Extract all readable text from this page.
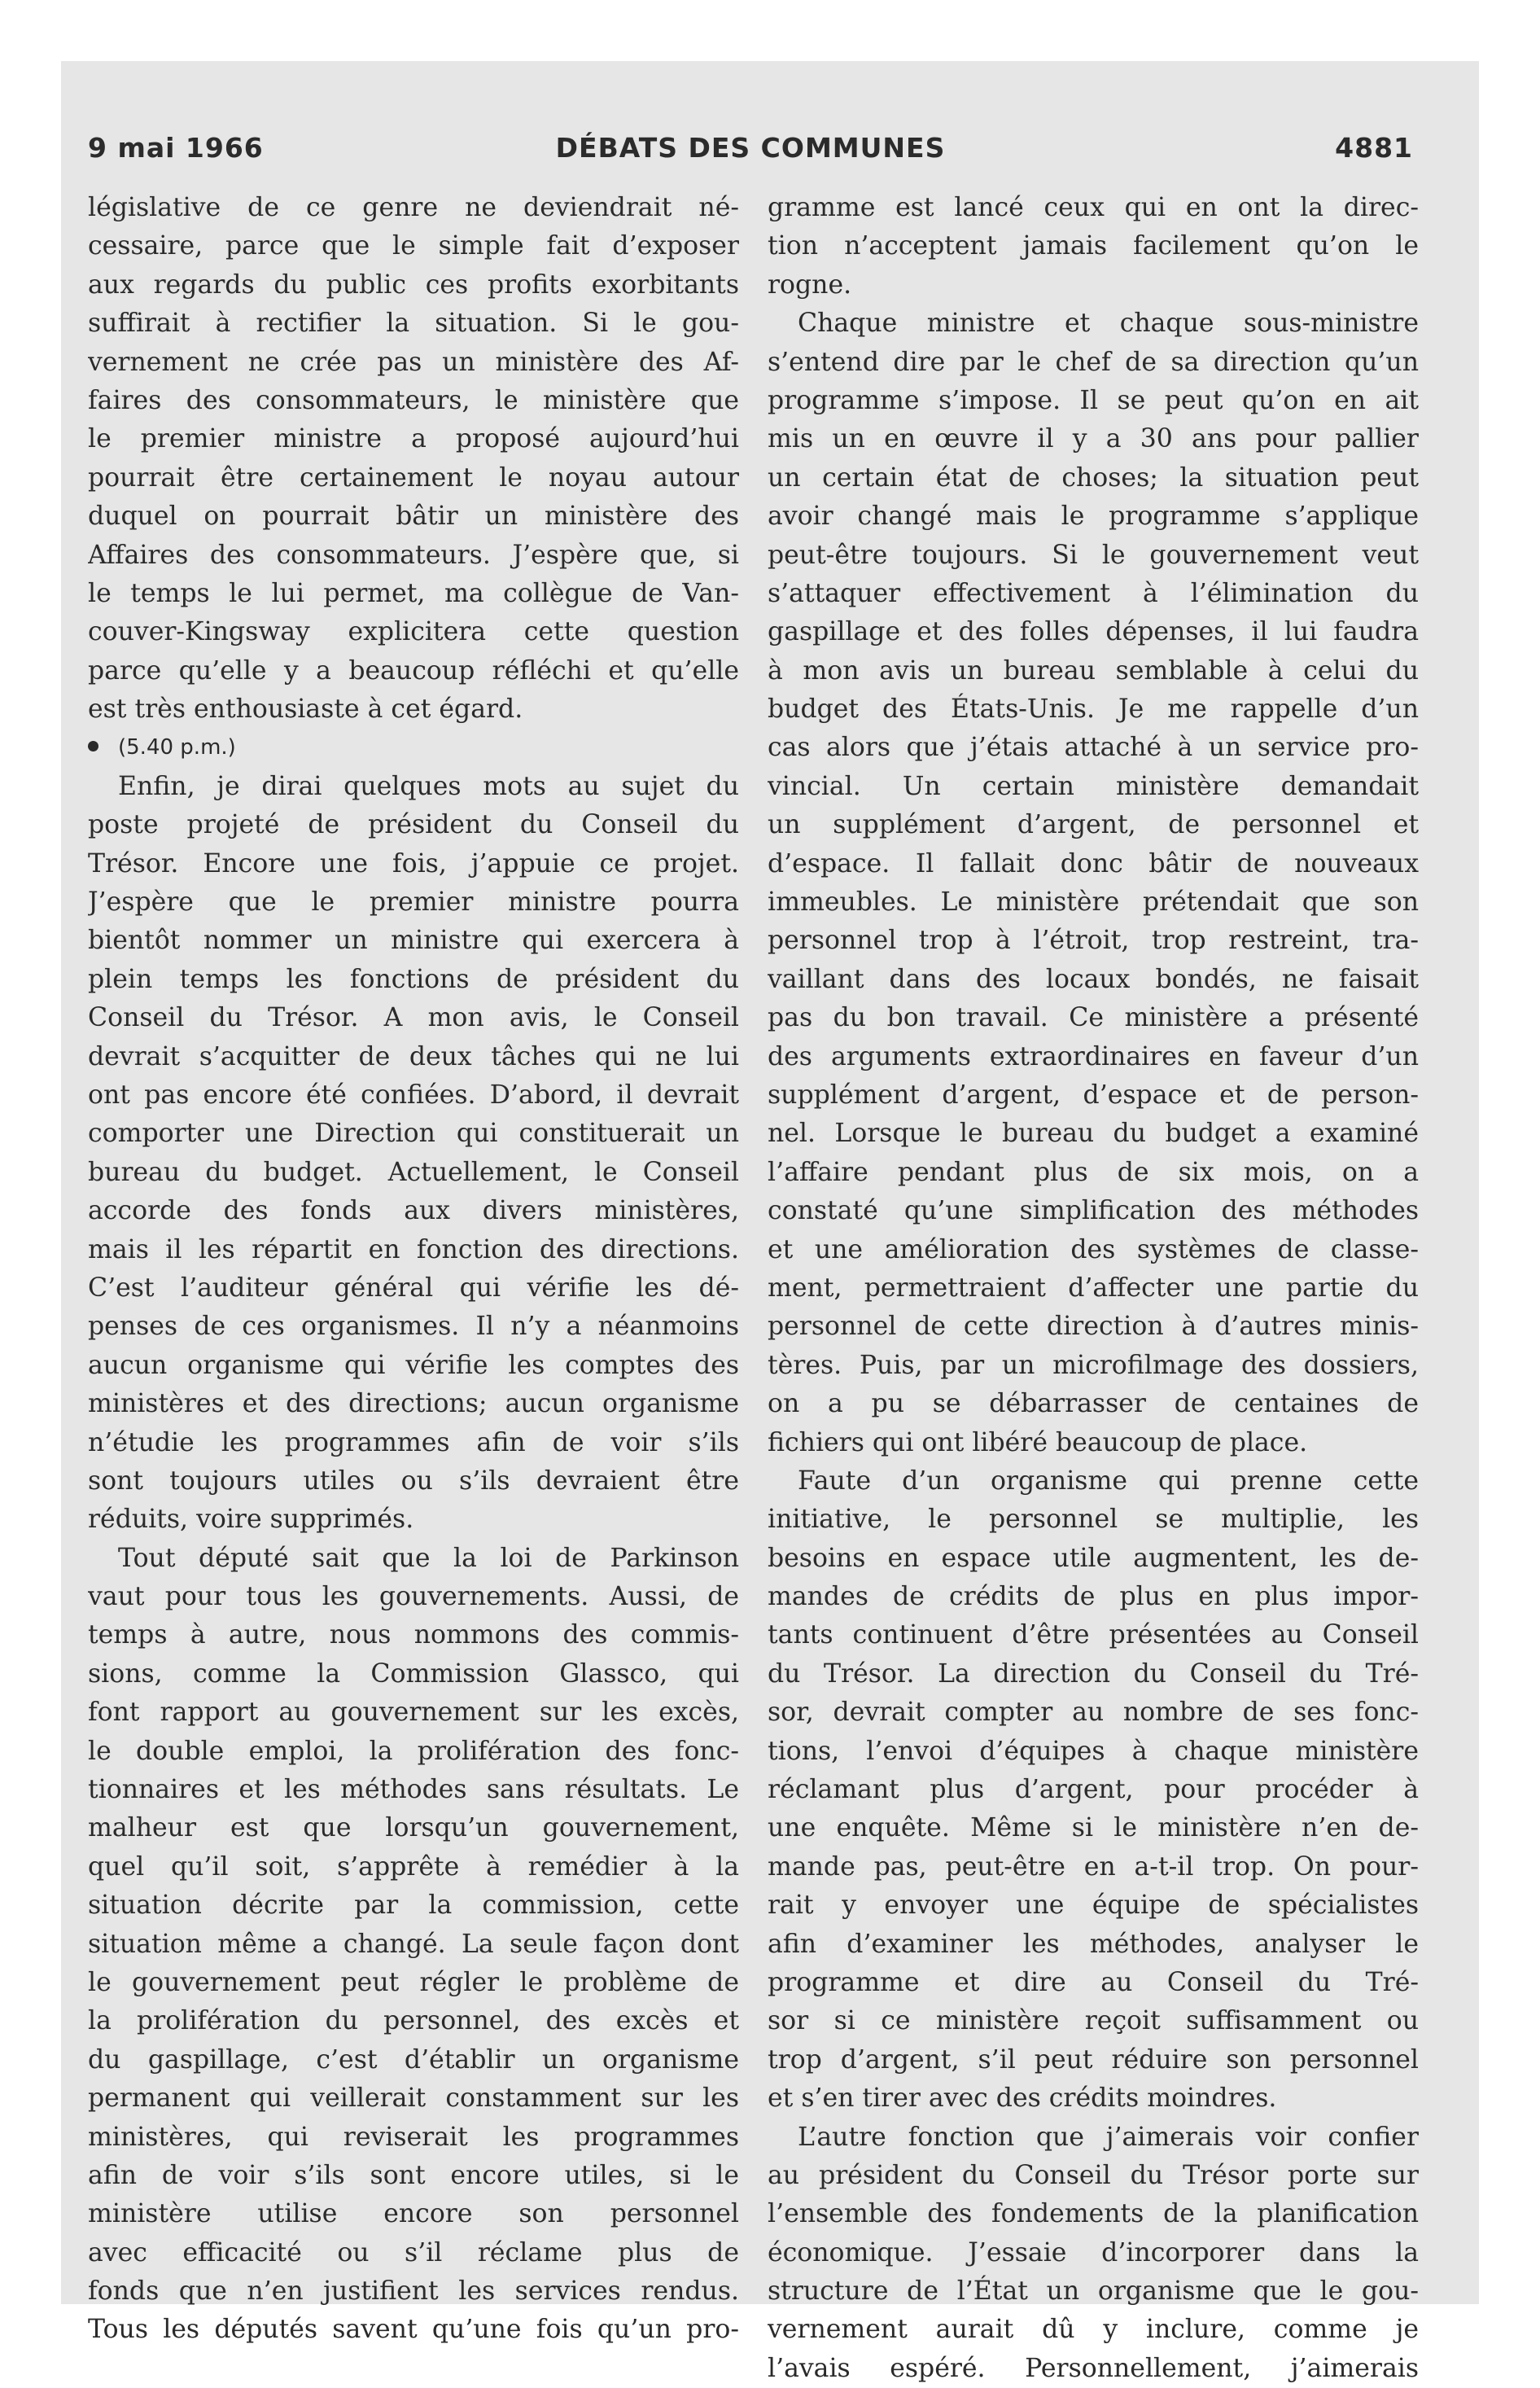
9 mai 1966	DÉBATS DES COMMUNES	4881
législative de ce genre ne deviendrait né-
cessaire, parce que le simple fait d’exposer
aux regards du public ces profits exorbitants
suffirait à rectifier la situation. Si le gou-
vernement ne crée pas un ministère des Af-
faires des consommateurs, le ministère que
le premier ministre a proposé aujourd’hui
pourrait être certainement le noyau autour
duquel on pourrait bâtir un ministère des
Affaires des consommateurs. J’espère que, si
le temps le lui permet, ma collègue de Van-
couver-Kingsway explicitera cette question
parce qu’elle y a beaucoup réfléchi et qu’elle
est très enthousiaste à cet égard.
(5.40 p.m.)
Enfin, je dirai quelques mots au sujet du
poste projeté de président du Conseil du
Trésor. Encore une fois, j’appuie ce projet.
J’espère que le premier ministre pourra
bientôt nommer un ministre qui exercera à
plein temps les fonctions de président du
Conseil du Trésor. A mon avis, le Conseil
devrait s’acquitter de deux tâches qui ne lui
ont pas encore été confiées. D’abord, il devrait
comporter une Direction qui constituerait un
bureau du budget. Actuellement, le Conseil
accorde des fonds aux divers ministères,
mais il les répartit en fonction des directions.
C’est l’auditeur général qui vérifie les dé-
penses de ces organismes. Il n’y a néanmoins
aucun organisme qui vérifie les comptes des
ministères et des directions; aucun organisme
n’étudie les programmes afin de voir s’ils
sont toujours utiles ou s’ils devraient être
réduits, voire supprimés.
Tout député sait que la loi de Parkinson
vaut pour tous les gouvernements. Aussi, de
temps à autre, nous nommons des commis-
sions, comme la Commission Glassco, qui
font rapport au gouvernement sur les excès,
le double emploi, la prolifération des fonc-
tionnaires et les méthodes sans résultats. Le
malheur est que lorsqu’un gouvernement,
quel qu’il soit, s’apprête à remédier à la
situation décrite par la commission, cette
situation même a changé. La seule façon dont
le gouvernement peut régler le problème de
la prolifération du personnel, des excès et
du gaspillage, c’est d’établir un organisme
permanent qui veillerait constamment sur les
ministères, qui reviserait les programmes
afin de voir s’ils sont encore utiles, si le
ministère utilise encore son personnel
avec efficacité ou s’il réclame plus de
fonds que n’en justifient les services rendus.
Tous les députés savent qu’une fois qu’un pro-
gramme est lancé ceux qui en ont la direc-
tion n’acceptent jamais facilement qu’on le
rogne.
Chaque ministre et chaque sous-ministre
s’entend dire par le chef de sa direction qu’un
programme s’impose. Il se peut qu’on en ait
mis un en œuvre il y a 30 ans pour pallier
un certain état de choses; la situation peut
avoir changé mais le programme s’applique
peut-être toujours. Si le gouvernement veut
s’attaquer effectivement à l’élimination du
gaspillage et des folles dépenses, il lui faudra
à mon avis un bureau semblable à celui du
budget des États-Unis. Je me rappelle d’un
cas alors que j’étais attaché à un service pro-
vincial. Un certain ministère demandait
un supplément d’argent, de personnel et
d’espace. Il fallait donc bâtir de nouveaux
immeubles. Le ministère prétendait que son
personnel trop à l’étroit, trop restreint, tra-
vaillant dans des locaux bondés, ne faisait
pas du bon travail. Ce ministère a présenté
des arguments extraordinaires en faveur d’un
supplément d’argent, d’espace et de person-
nel. Lorsque le bureau du budget a examiné
l’affaire pendant plus de six mois, on a
constaté qu’une simplification des méthodes
et une amélioration des systèmes de classe-
ment, permettraient d’affecter une partie du
personnel de cette direction à d’autres minis-
tères. Puis, par un microfilmage des dossiers,
on a pu se débarrasser de centaines de
fichiers qui ont libéré beaucoup de place.
Faute d’un organisme qui prenne cette
initiative, le personnel se multiplie, les
besoins en espace utile augmentent, les de-
mandes de crédits de plus en plus impor-
tants continuent d’être présentées au Conseil
du Trésor. La direction du Conseil du Tré-
sor, devrait compter au nombre de ses fonc-
tions, l’envoi d’équipes à chaque ministère
réclamant plus d’argent, pour procéder à
une enquête. Même si le ministère n’en de-
mande pas, peut-être en a-t-il trop. On pour-
rait y envoyer une équipe de spécialistes
afin d’examiner les méthodes, analyser le
programme et dire au Conseil du Tré-
sor si ce ministère reçoit suffisamment ou
trop d’argent, s’il peut réduire son personnel
et s’en tirer avec des crédits moindres.
L’autre fonction que j’aimerais voir confier
au président du Conseil du Trésor porte sur
l’ensemble des fondements de la planification
économique. J’essaie d’incorporer dans la
structure de l’État un organisme que le gou-
vernement aurait dû y inclure, comme je
l’avais espéré. Personnellement, j’aimerais
